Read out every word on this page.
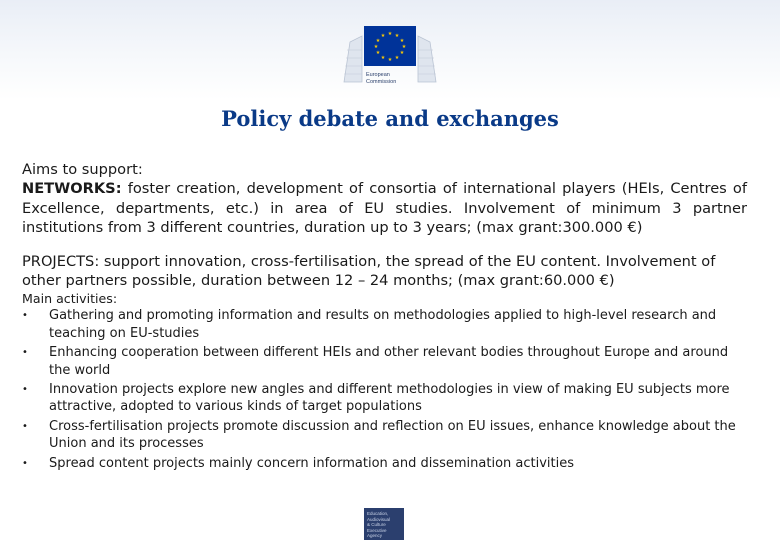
★ ★
★
★
★
★
★
★
★
★
★
★
European
Commission
Policy debate and exchanges

Aims to support:

NETWORKS: foster creation, development of consortia of international players (HEIs, Centres of Excellence, departments, etc.) in area of EU studies. Involvement of minimum 3 partner institutions from 3 different countries, duration up to 3 years; (max grant:300.000 €)

PROJECTS: support innovation, cross-fertilisation, the spread of the EU content. Involvement of other partners possible, duration between 12 – 24 months; (max grant:60.000 €)

Main activities:

•	Gathering and promoting information and results on methodologies applied to high-level research and teaching on EU-studies
•	Enhancing cooperation between different HEIs and other relevant bodies throughout Europe and around the world
•	Innovation projects explore new angles and different methodologies in view of making EU subjects more attractive, adopted to various kinds of target populations
•	Cross-fertilisation projects promote discussion and reflection on EU issues, enhance knowledge about the Union and its processes
•	Spread content projects mainly concern information and dissemination activities
Education,
Audiovisual
& Culture
Executive Agency
